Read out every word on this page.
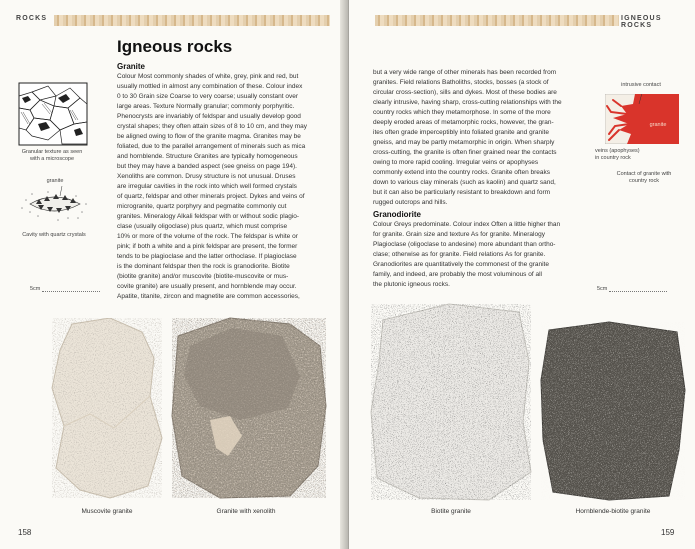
ROCKS
Igneous rocks
Granite
Colour Most commonly shades of white, grey, pink and red, but
usually mottled in almost any combination of these. Colour index
0 to 30 Grain size Coarse to very coarse; usually constant over
large areas. Texture Normally granular; commonly porphyritic.
Phenocrysts are invariably of feldspar and usually develop good
crystal shapes; they often attain sizes of 8 to 10 cm, and they may
be aligned owing to flow of the granite magma. Granites may be
foliated, due to the parallel arrangement of minerals such as mica
and hornblende. Structure Granites are typically homogeneous
but they may have a banded aspect (see gneiss on page 194).
Xenoliths are common. Drusy structure is not unusual. Druses
are irregular cavities in the rock into which well formed crystals
of quartz, feldspar and other minerals project. Dykes and veins of
microgranite, quartz porphyry and pegmatite commonly cut
granites. Mineralogy Alkali feldspar with or without sodic plagio-
clase (usually oligoclase) plus quartz, which must comprise
10% or more of the volume of the rock. The feldspar is white or
pink; if both a white and a pink feldspar are present, the former
tends to be plagioclase and the latter orthoclase. If plagioclase
is the dominant feldspar then the rock is granodiorite. Biotite
(biotite granite) and/or muscovite (biotite-muscovite or mus-
covite granite) are usually present, and hornblende may occur.
Apatite, titanite, zircon and magnetite are common accessories,
Granular texture as seen
with a microscope
granite
Cavity with quartz crystals
5cm
Muscovite granite	Granite with xenolith
158
IGNEOUS ROCKS
but a very wide range of other minerals has been recorded from
granites. Field relations Batholiths, stocks, bosses (a stock of
circular cross-section), sills and dykes. Most of these bodies are
clearly intrusive, having sharp, cross-cutting relationships with the
country rocks which they metamorphose. In some of the more
deeply eroded areas of metamorphic rocks, however, the gran-
ites often grade imperceptibly into foliated granite and granite
gneiss, and may be partly metamorphic in origin. When sharply
cross-cutting, the granite is often finer grained near the contacts
owing to more rapid cooling. Irregular veins or apophyses
commonly extend into the country rocks. Granite often breaks
down to various clay minerals (such as kaolin) and quartz sand,
but it can also be particularly resistant to breakdown and form
rugged outcrops and hills.
Granodiorite
Colour Greys predominate. Colour index Often a little higher than
for granite. Grain size and texture As for granite. Mineralogy
Plagioclase (oligoclase to andesine) more abundant than ortho-
clase; otherwise as for granite. Field relations As for granite.
Granodiorites are quantitatively the commonest of the granite
family, and indeed, are probably the most voluminous of all
the plutonic igneous rocks.
intrusive contact
granite
veins (apophyses)
in country rock
Contact of granite with
country rock
5cm
Biotite granite	Hornblende-biotite granite
159
